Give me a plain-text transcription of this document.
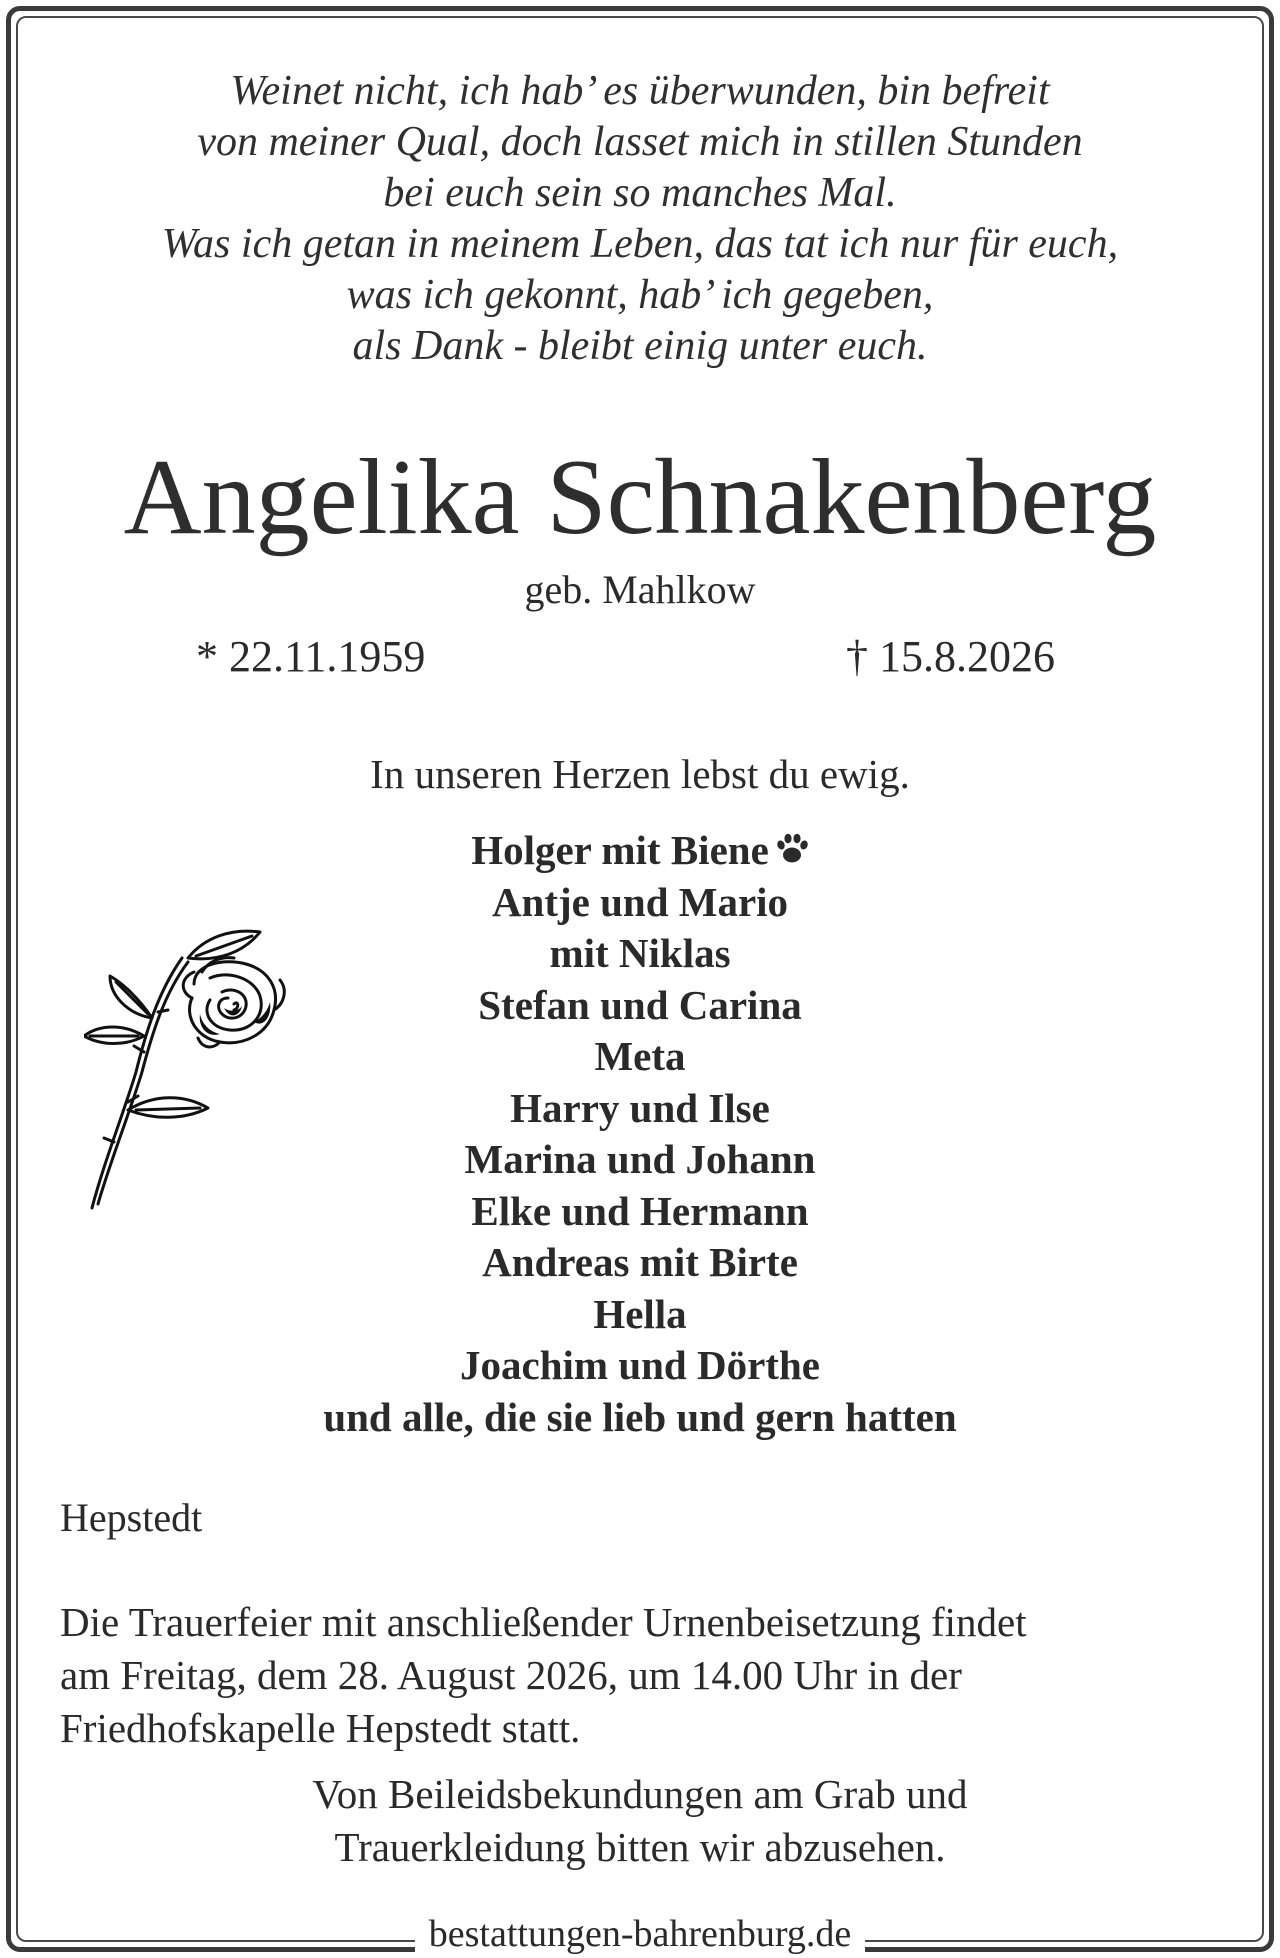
Weinet nicht, ich hab’ es überwunden, bin befreit
von meiner Qual, doch lasset mich in stillen Stunden
bei euch sein so manches Mal.
Was ich getan in meinem Leben, das tat ich nur für euch,
was ich gekonnt, hab’ ich gegeben,
als Dank - bleibt einig unter euch.
Angelika Schnakenberg
geb. Mahlkow
* 22.11.1959	† 15.8.2026
In unseren Herzen lebst du ewig.
Holger mit Biene
Antje und Mario
mit Niklas
Stefan und Carina
Meta
Harry und Ilse
Marina und Johann
Elke und Hermann
Andreas mit Birte
Hella
Joachim und Dörthe
und alle, die sie lieb und gern hatten
Hepstedt
Die Trauerfeier mit anschließender Urnenbeisetzung findet
am Freitag, dem 28. August 2026, um 14.00 Uhr in der
Friedhofskapelle Hepstedt statt.
Von Beileidsbekundungen am Grab und
Trauerkleidung bitten wir abzusehen.
bestattungen-bahrenburg.de
